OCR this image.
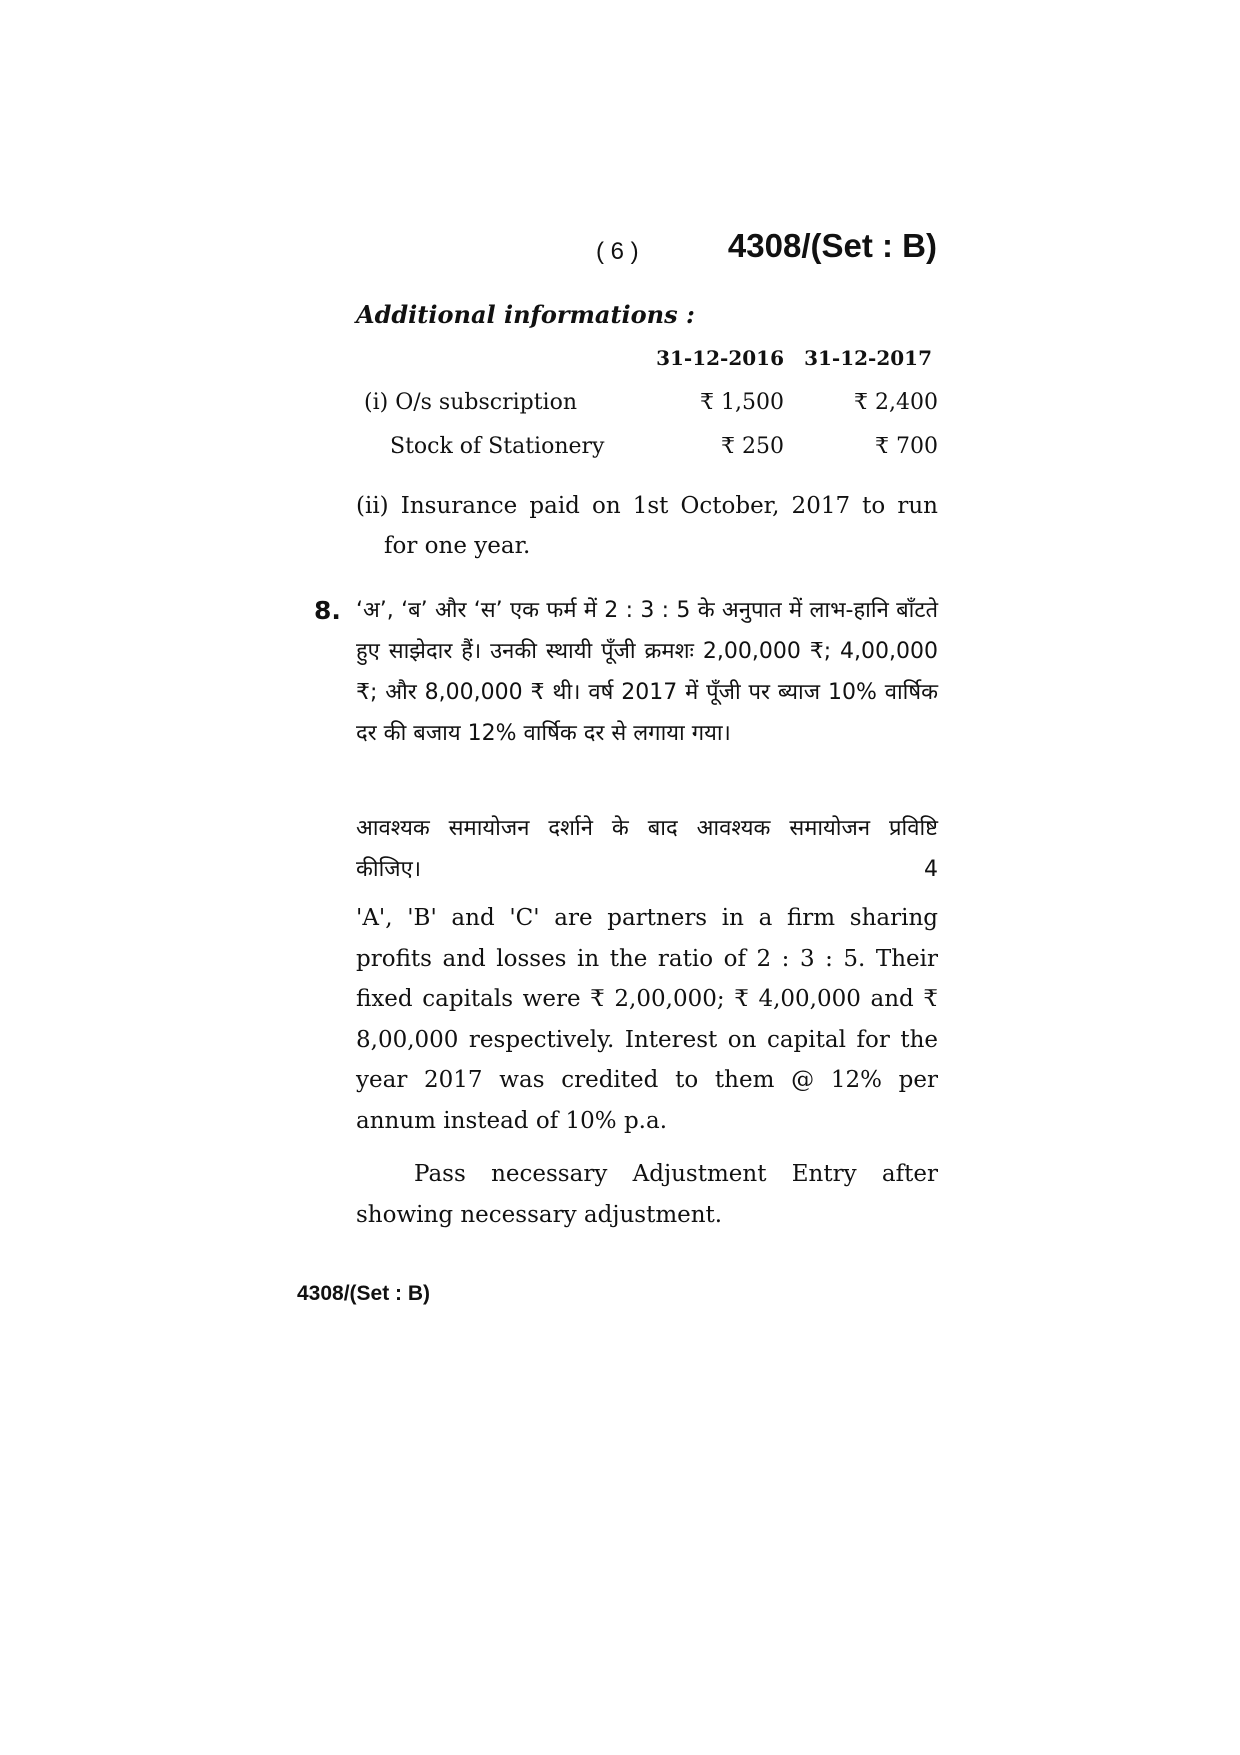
( 6 )	4308/(Set : B)
Additional informations :
31-12-2016 31-12-2017
(i) O/s subscription	₹ 1,500	₹ 2,400
Stock of Stationery	₹ 250	₹ 700
(ii) Insurance paid on 1st October, 2017 to run
for one year.
8. ‘अ’, ‘ब’ और ‘स’ एक फर्म में 2 : 3 : 5 के अनुपात में लाभ-हानि बाँटते हुए साझेदार हैं। उनकी स्थायी पूँजी क्रमशः 2,00,000 ₹; 4,00,000 ₹; और 8,00,000 ₹ थी। वर्ष 2017 में पूँजी पर ब्याज 10% वार्षिक दर की बजाय 12% वार्षिक दर से लगाया गया।
आवश्यक समायोजन दर्शाने के बाद आवश्यक समायोजन प्रविष्टि
कीजिए।	4

'A', 'B' and 'C' are partners in a firm sharing profits and losses in the ratio of 2 : 3 : 5. Their fixed capitals were ₹ 2,00,000; ₹ 4,00,000 and ₹ 8,00,000 respectively. Interest on capital for the year 2017 was credited to them @ 12% per annum instead of 10% p.a.

Pass necessary Adjustment Entry after showing necessary adjustment.

4308/(Set : B)
